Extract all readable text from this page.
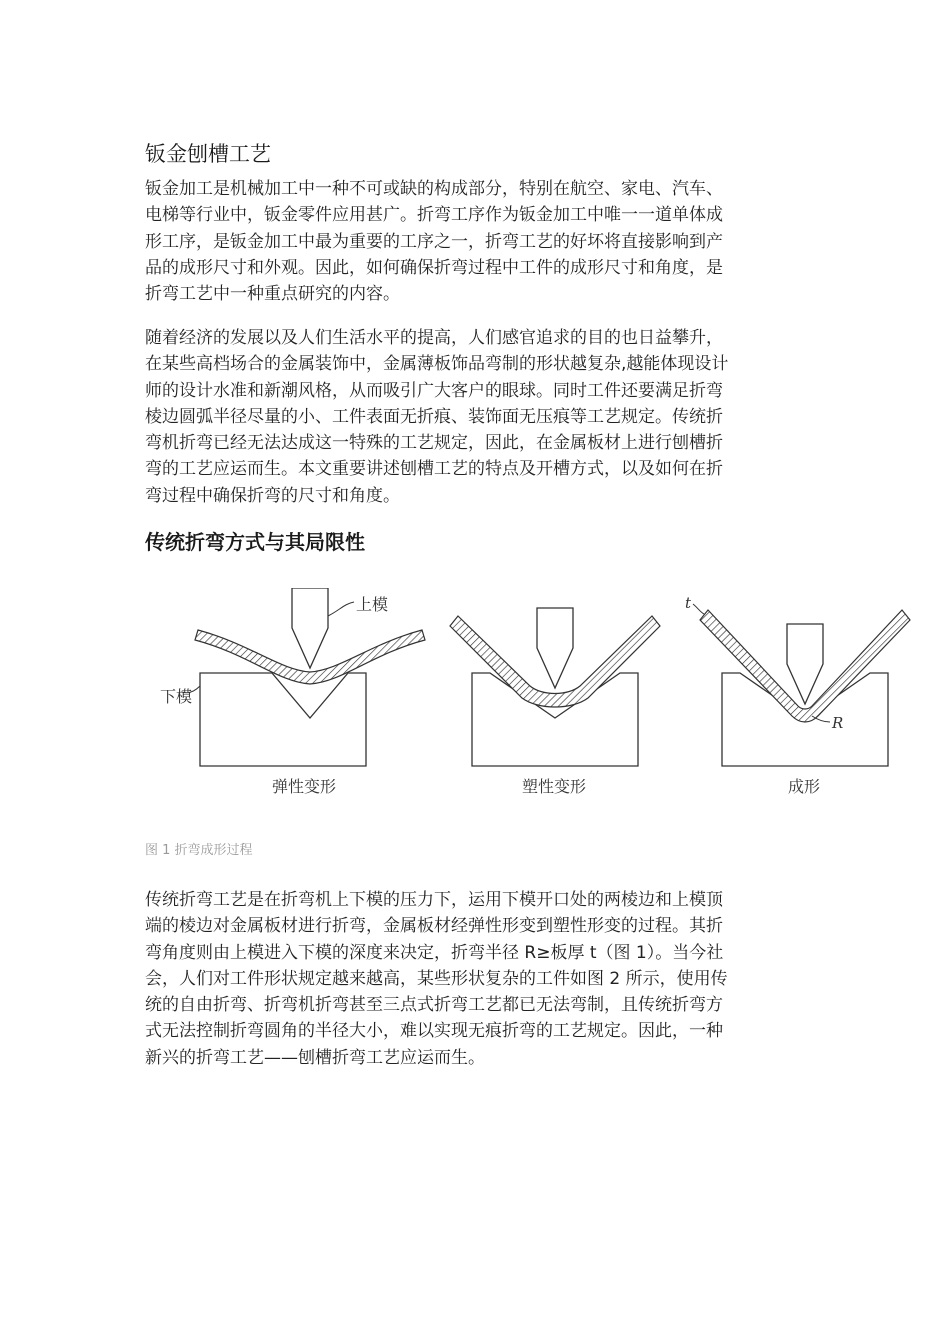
钣金刨槽工艺
钣金加工是机械加工中一种不可或缺的构成部分，特别在航空、家电、汽车、
电梯等行业中，钣金零件应用甚广。折弯工序作为钣金加工中唯一一道单体成
形工序，是钣金加工中最为重要的工序之一，折弯工艺的好坏将直接影响到产
品的成形尺寸和外观。因此，如何确保折弯过程中工件的成形尺寸和角度，是
折弯工艺中一种重点研究的内容。
随着经济的发展以及人们生活水平的提高，人们感官追求的目的也日益攀升，
在某些高档场合的金属装饰中，金属薄板饰品弯制的形状越复杂,越能体现设计
师的设计水准和新潮风格，从而吸引广大客户的眼球。同时工件还要满足折弯
棱边圆弧半径尽量的小、工件表面无折痕、装饰面无压痕等工艺规定。传统折
弯机折弯已经无法达成这一特殊的工艺规定，因此，在金属板材上进行刨槽折
弯的工艺应运而生。本文重要讲述刨槽工艺的特点及开槽方式，以及如何在折
弯过程中确保折弯的尺寸和角度。
传统折弯方式与其局限性
图 1 折弯成形过程
传统折弯工艺是在折弯机上下模的压力下，运用下模开口处的两棱边和上模顶
端的棱边对金属板材进行折弯，金属板材经弹性形变到塑性形变的过程。其折
弯角度则由上模进入下模的深度来决定，折弯半径 R≥板厚 t（图 1）。当今社
会，人们对工件形状规定越来越高，某些形状复杂的工件如图 2 所示，使用传
统的自由折弯、折弯机折弯甚至三点式折弯工艺都已无法弯制，且传统折弯方
式无法控制折弯圆角的半径大小，难以实现无痕折弯的工艺规定。因此，一种
新兴的折弯工艺——刨槽折弯工艺应运而生。
上模
下模
弹性变形	塑性变形
t
R
成形
